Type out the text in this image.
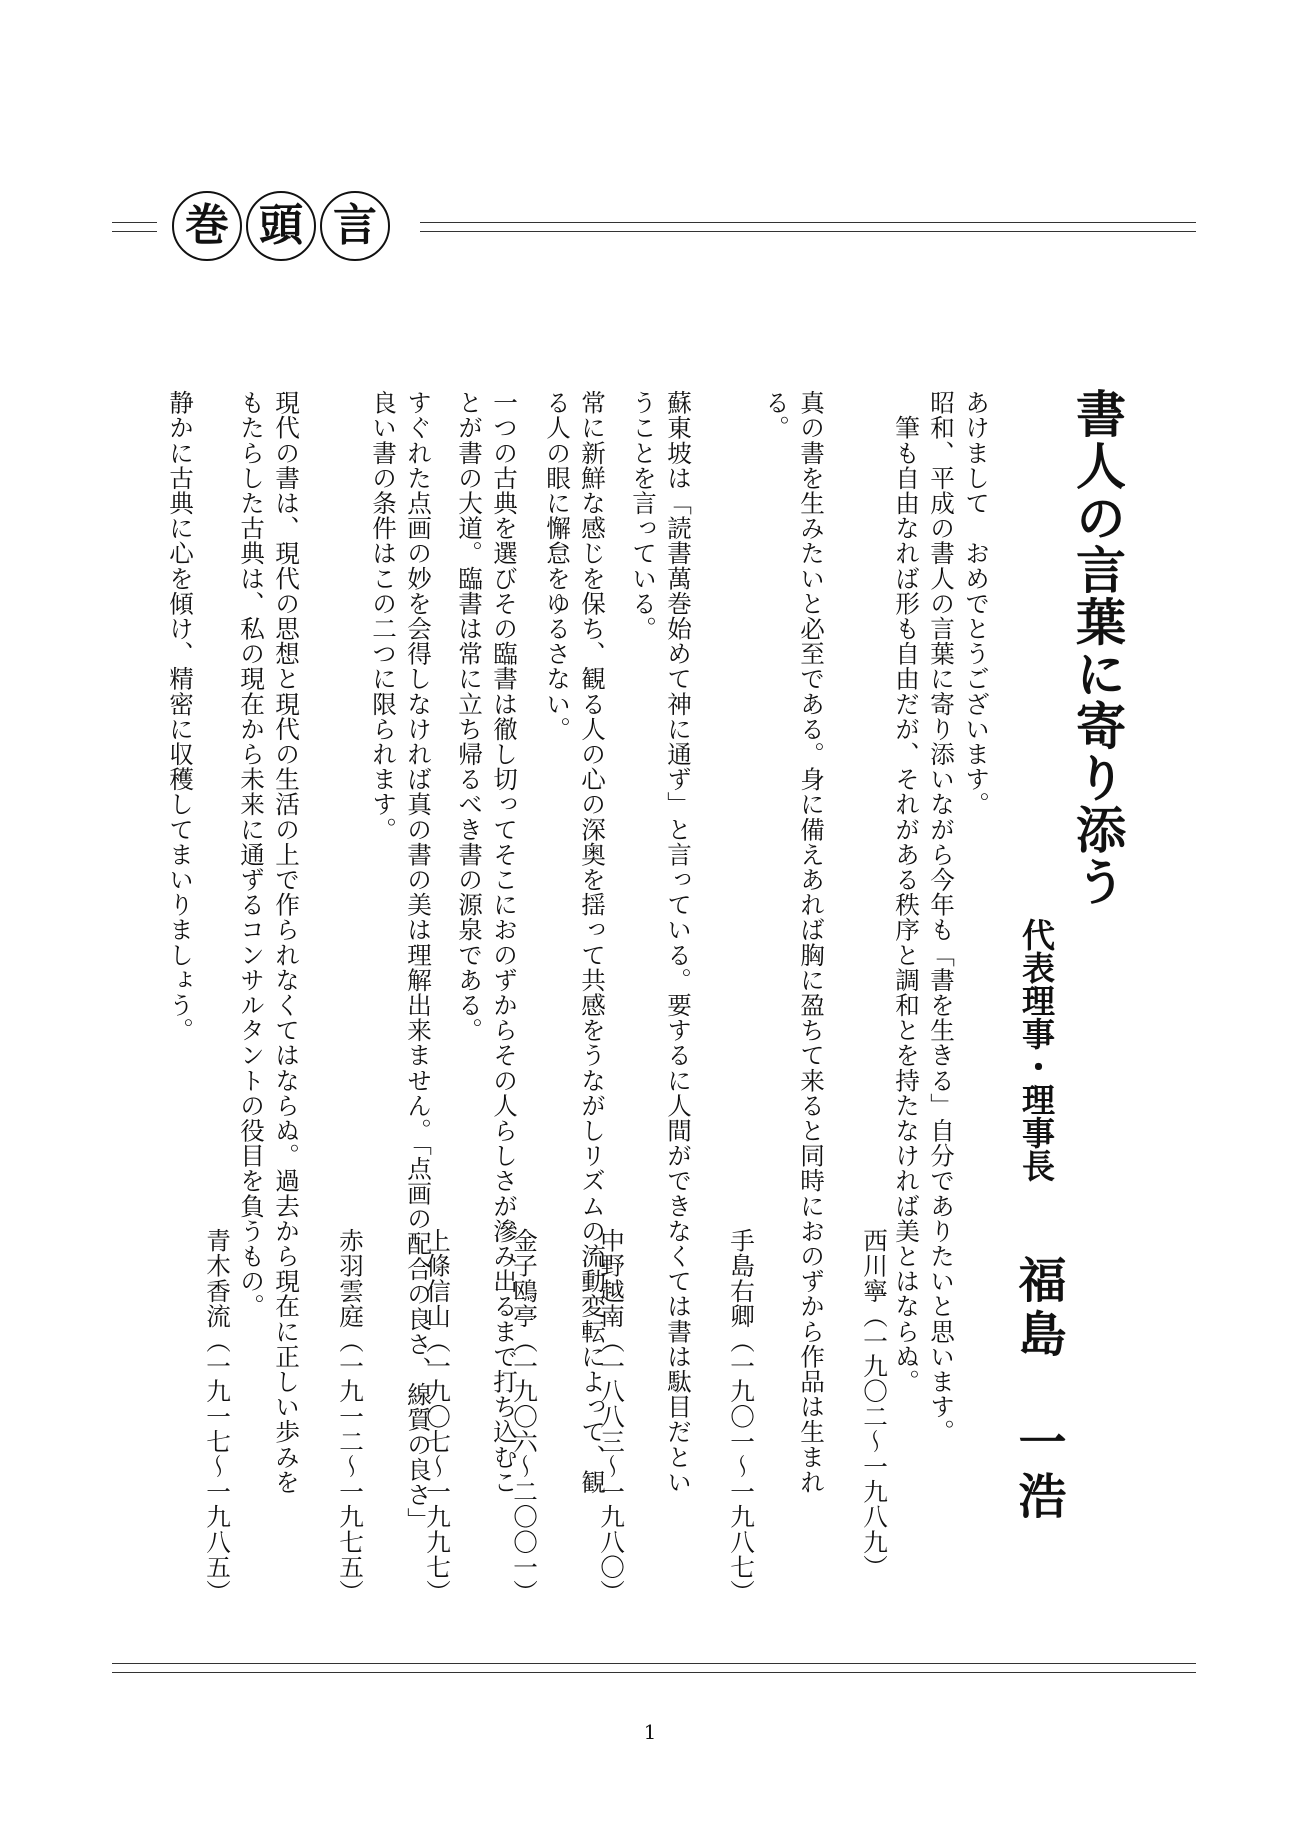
巻 頭 言
書人の言葉に寄り添う
代表理事・理事長
福島　一浩
あけまして　おめでとうございます。
昭和、平成の書人の言葉に寄り添いながら今年も「書を生きる」自分でありたいと思います。
　筆も自由なれば形も自由だが、それがある秩序と調和とを持たなければ美とはならぬ。
真の書を生みたいと必至である。身に備えあれば胸に盈ちて来ると同時におのずから作品は生まれ
る。
蘇東坡は「読書萬巻始めて神に通ず」と言っている。要するに人間ができなくては書は駄目だとい
うことを言っている。
常に新鮮な感じを保ち、観る人の心の深奥を揺って共感をうながしリズムの流動変転によって、観
る人の眼に懈怠をゆるさない。
一つの古典を選びその臨書は徹し切ってそこにおのずからその人らしさが滲み出るまで打ち込むこ
とが書の大道。臨書は常に立ち帰るべき書の源泉である。
すぐれた点画の妙を会得しなければ真の書の美は理解出来ません。「点画の配合の良さ、線質の良さ」
良い書の条件はこの二つに限られます。
現代の書は、現代の思想と現代の生活の上で作られなくてはならぬ。過去から現在に正しい歩みを
もたらした古典は、私の現在から未来に通ずるコンサルタントの役目を負うもの。
静かに古典に心を傾け、精密に収穫してまいりましょう。
西川寧（一九〇二〜一九八九）
手島右卿（一九〇一〜一九八七）
中野越南（一八八三〜一九八〇）
金子鴎亭（一九〇六〜二〇〇一）
上條信山（一九〇七〜一九九七）
赤羽雲庭（一九一二〜一九七五）
青木香流（一九一七〜一九八五）
1
